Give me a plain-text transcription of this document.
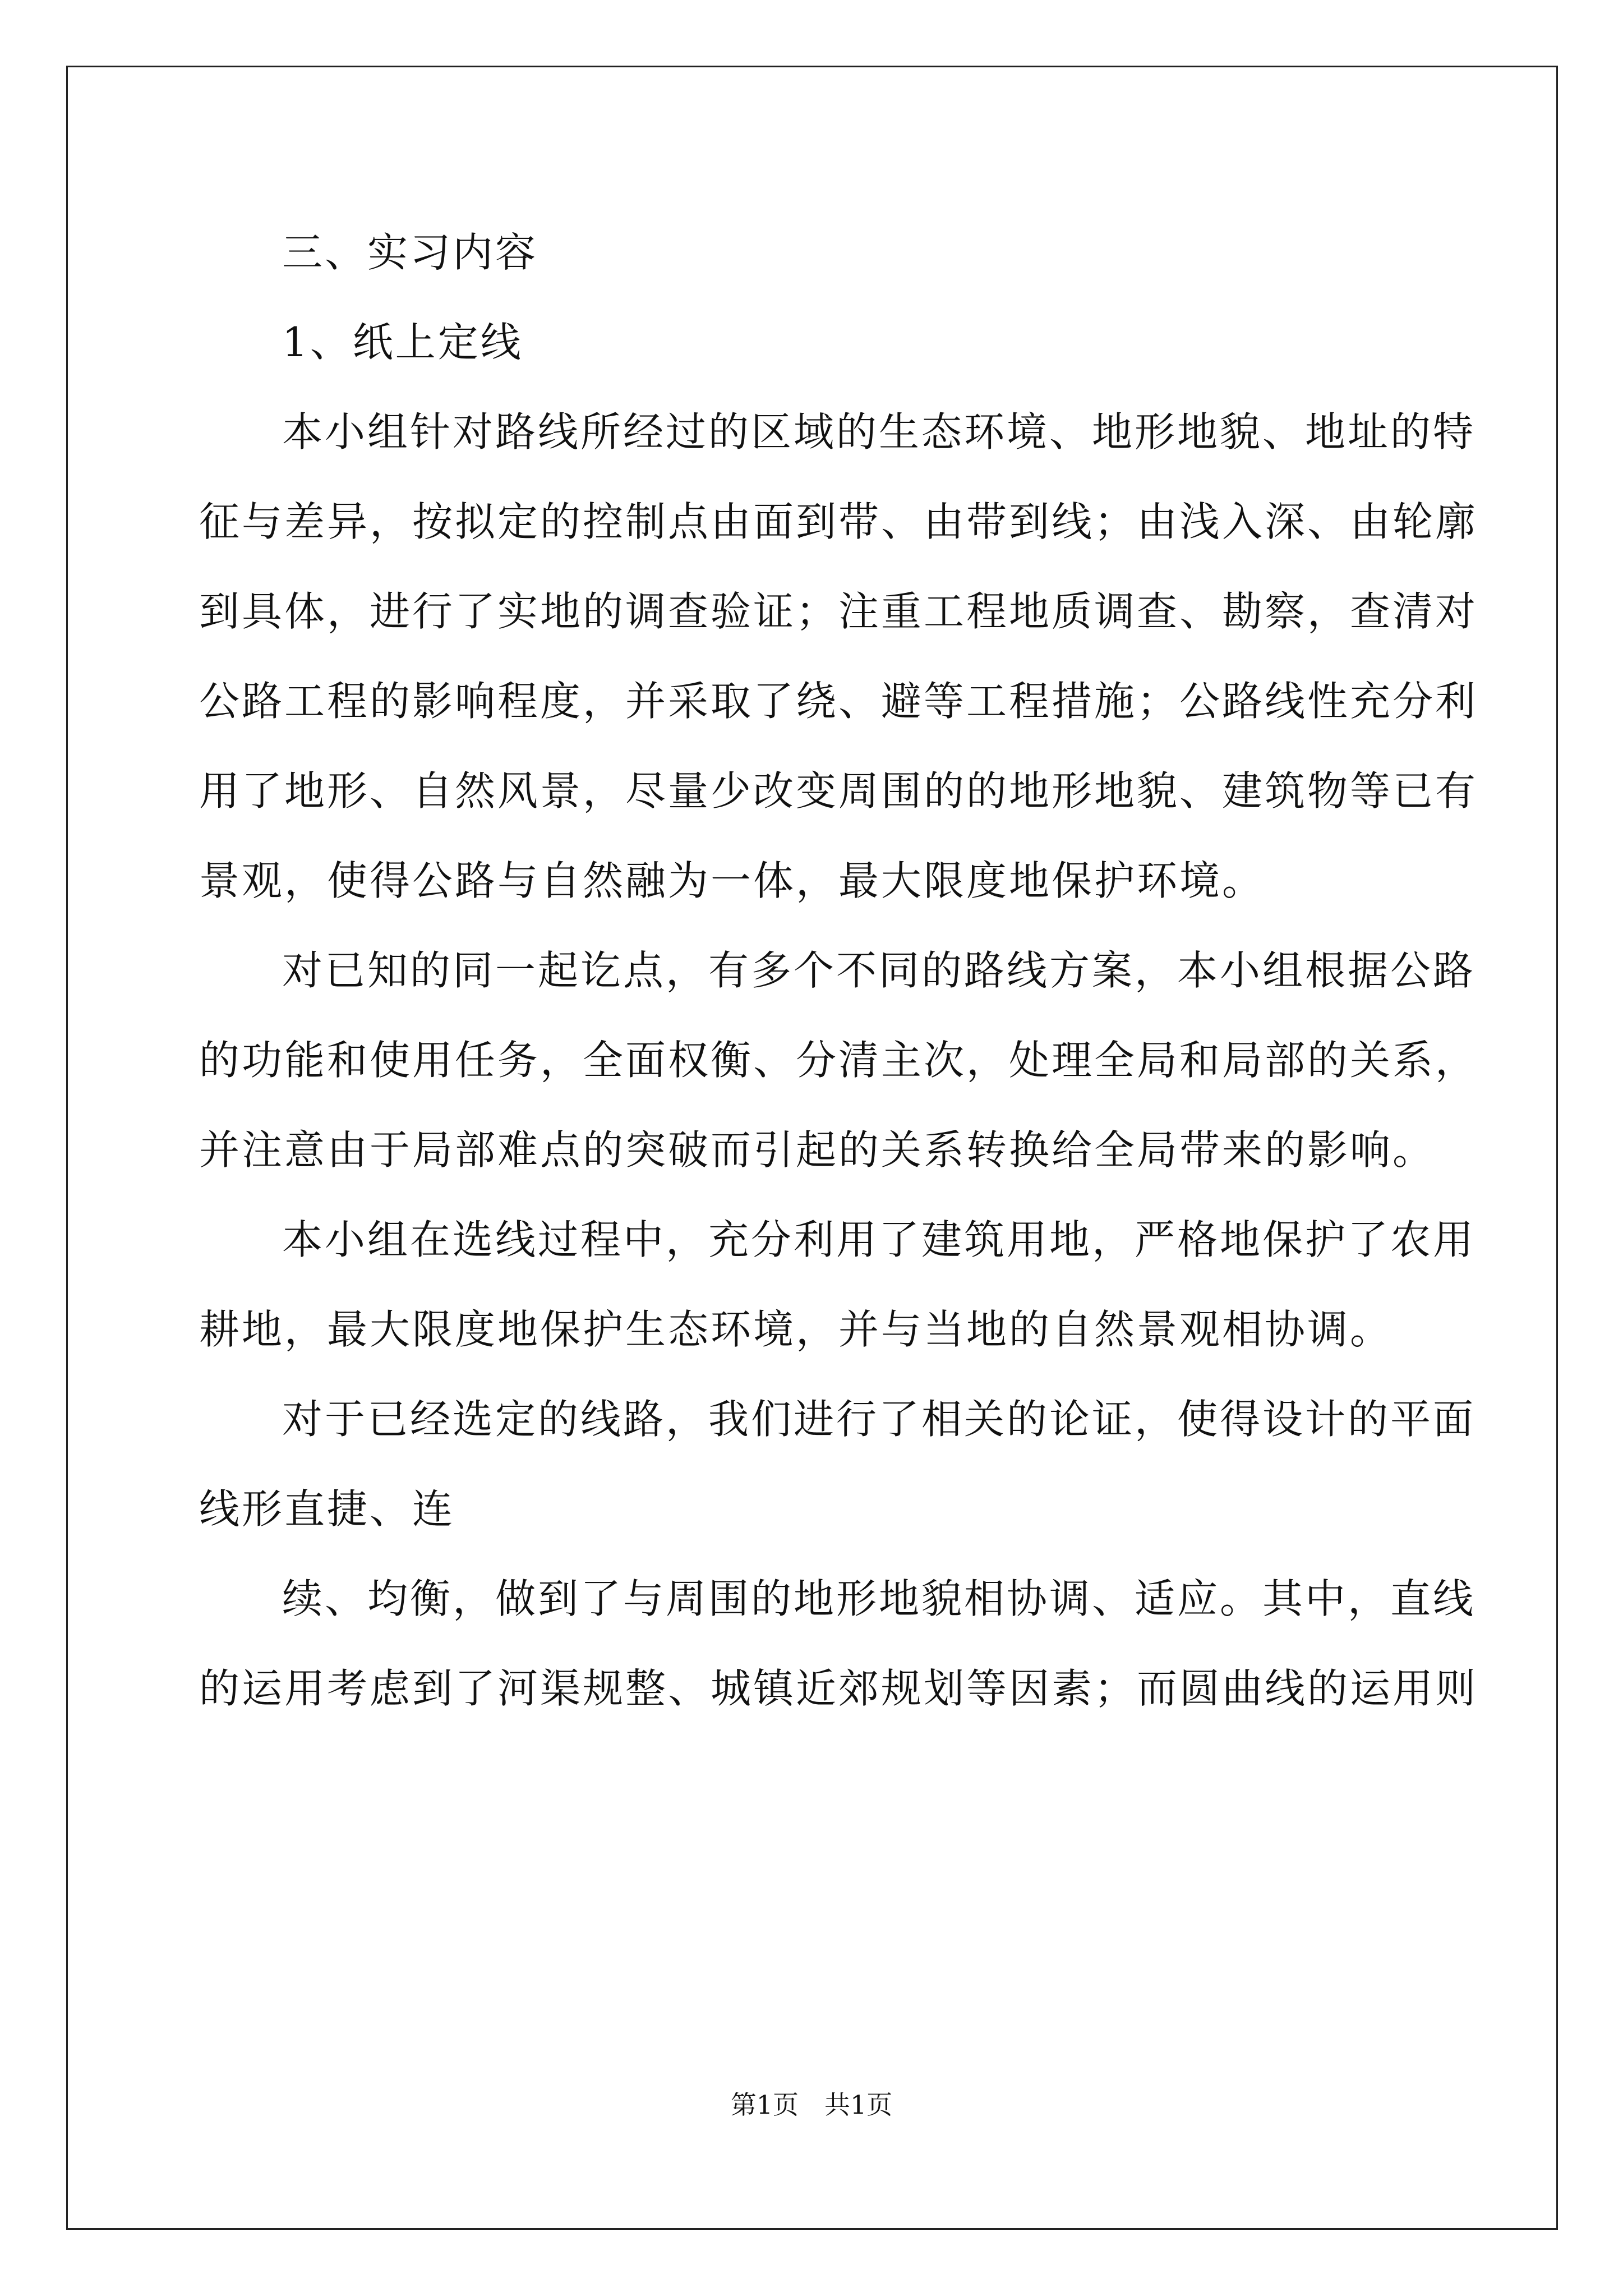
三、实习内容
1、纸上定线
本小组针对路线所经过的区域的生态环境、地形地貌、地址的特
征与差异，按拟定的控制点由面到带、由带到线；由浅入深、由轮廓
到具体，进行了实地的调查验证；注重工程地质调查、勘察，查清对
公路工程的影响程度，并采取了绕、避等工程措施；公路线性充分利
用了地形、自然风景，尽量少改变周围的的地形地貌、建筑物等已有
景观，使得公路与自然融为一体，最大限度地保护环境。
对已知的同一起讫点，有多个不同的路线方案，本小组根据公路
的功能和使用任务，全面权衡、分清主次，处理全局和局部的关系，
并注意由于局部难点的突破而引起的关系转换给全局带来的影响。
本小组在选线过程中，充分利用了建筑用地，严格地保护了农用
耕地，最大限度地保护生态环境，并与当地的自然景观相协调。
对于已经选定的线路，我们进行了相关的论证，使得设计的平面
线形直捷、连
续、均衡，做到了与周围的地形地貌相协调、适应。其中，直线
的运用考虑到了河渠规整、城镇近郊规划等因素；而圆曲线的运用则
第1页 共1页
